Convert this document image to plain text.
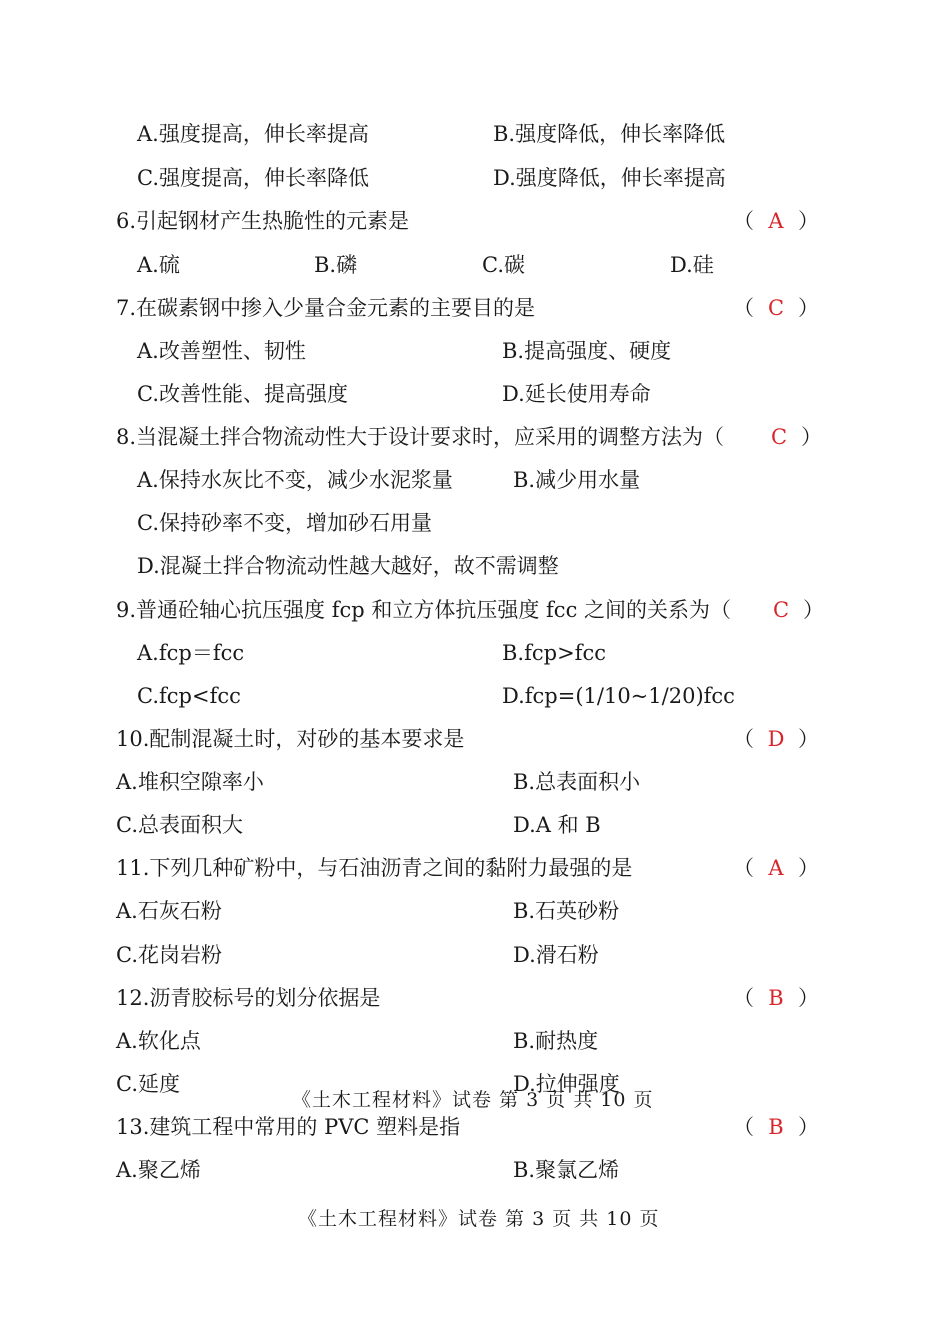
A.强度提高，伸长率提高	B.强度降低，伸长率降低
C.强度提高，伸长率降低	D.强度降低，伸长率提高
6.引起钢材产生热脆性的元素是	（ A ）
A.硫	B.磷	C.碳	D.硅
7.在碳素钢中掺入少量合金元素的主要目的是	（ C ）
A.改善塑性、韧性	B.提高强度、硬度
C.改善性能、提高强度	D.延长使用寿命
8.当混凝土拌合物流动性大于设计要求时，应采用的调整方法为（	C ）
A.保持水灰比不变，减少水泥浆量	B.减少用水量
C.保持砂率不变，增加砂石用量
D.混凝土拌合物流动性越大越好，故不需调整
9.普通砼轴心抗压强度 fcp 和立方体抗压强度 fcc 之间的关系为（	C ）
A.fcp＝fcc	B.fcp>fcc
C.fcp<fcc	D.fcp=(1/10~1/20)fcc
10.配制混凝土时，对砂的基本要求是	（ D ）
A.堆积空隙率小	B.总表面积小
C.总表面积大	D.A 和 B
11.下列几种矿粉中，与石油沥青之间的黏附力最强的是	（ A ）
A.石灰石粉	B.石英砂粉
C.花岗岩粉	D.滑石粉
12.沥青胶标号的划分依据是	（ B ）
A.软化点	B.耐热度
C.延度	D.拉伸强度
《土木工程材料》试卷 第 3 页 共 10 页
13.建筑工程中常用的 PVC 塑料是指	（ B ）
A.聚乙烯	B.聚氯乙烯
《土木工程材料》试卷 第 3 页 共 10 页
